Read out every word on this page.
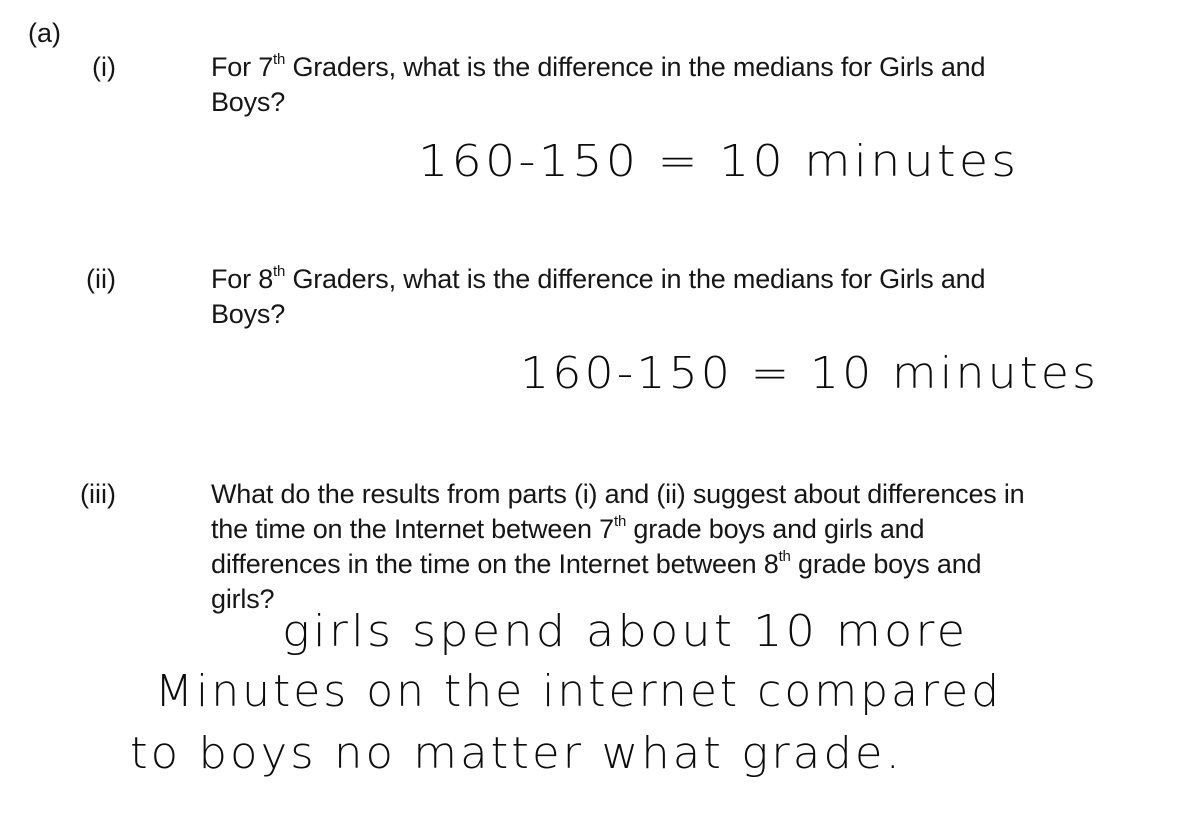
(a)
(i)	For 7th Graders, what is the difference in the medians for Girls and
Boys?
160-150 = 10 minutes
(ii)	For 8th Graders, what is the difference in the medians for Girls and
Boys?
160-150 = 10 minutes
(iii)	What do the results from parts (i) and (ii) suggest about differences in
the time on the Internet between 7th grade boys and girls and
differences in the time on the Internet between 8th grade boys and
girls?
girls spend about 10 more
Minutes on the internet compared
to boys no matter what grade.
